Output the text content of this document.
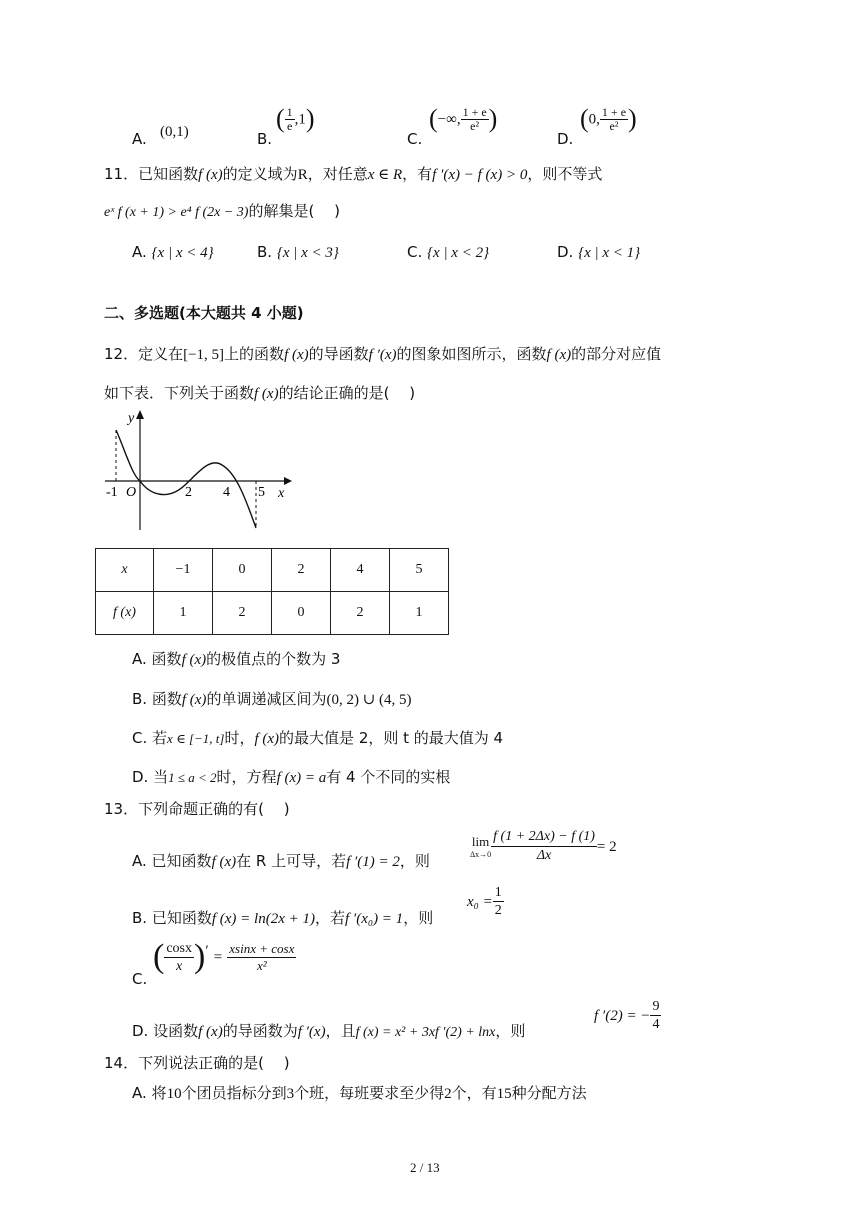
A. (0,1)	B.
( $\frac{1}{e} ,1$)
C.
(−∞, $\frac{1 + e}{\text{e²}}$ )
D.
(0, $\frac{1 + e}{\text{e²}}$ )
11．已知函数f (x)的定义域为R，对任意x ∈ R，有f ′(x) − f (x) > 0，则不等式
eˣ f (x + 1) > e⁴ f (2x − 3)的解集是(　 )
A. {x | x < 4}	B. {x | x < 3}	C. {x | x < 2}	D. {x | x < 1}
二、多选题(本大题共 4 小题)
12．定义在[−1, 5]上的函数f (x)的导函数f ′(x)的图象如图所示，函数f (x)的部分对应值
如下表．下列关于函数f (x)的结论正确的是(　 )
y
x
O
-1	2 4 5
x	−1	0	2	4	5
f (x)	1	2	0	2	1
A. 函数f (x)的极值点的个数为 3
B. 函数f (x)的单调递减区间为(0, 2) ∪ (4, 5)
C. 若x ∈ [−1, t]时，f (x)的最大值是 2，则 t 的最大值为 4
D. 当1 ≤ a < 2时，方程f (x) = a有 4 个不同的实根
13．下列命题正确的有(　 )
A. 已知函数f (x)在 R 上可导，若f ′(1) = 2，则
lim
$\Delta x\to 0 \frac{f (1 + 2\Delta x) - f (1)}{\Delta x} = 2$
B. 已知函数f (x) = ln(2x + 1)，若f ′(x₀) = 1，则
$x_0 = \frac{1}{2}$
C.
( $\frac{\cos x}{x} )' = \frac{xsinx + \cos x}{\text{x²}}$
D. 设函数f (x)的导函数为f ′(x)，且f (x) = x² + 3xf ′(2) + lnx，则
f ′(2) = − $\frac{9}{4}$
14．下列说法正确的是(　 )
A. 将10个团员指标分到3个班，每班要求至少得2个，有15种分配方法
2 / 13
